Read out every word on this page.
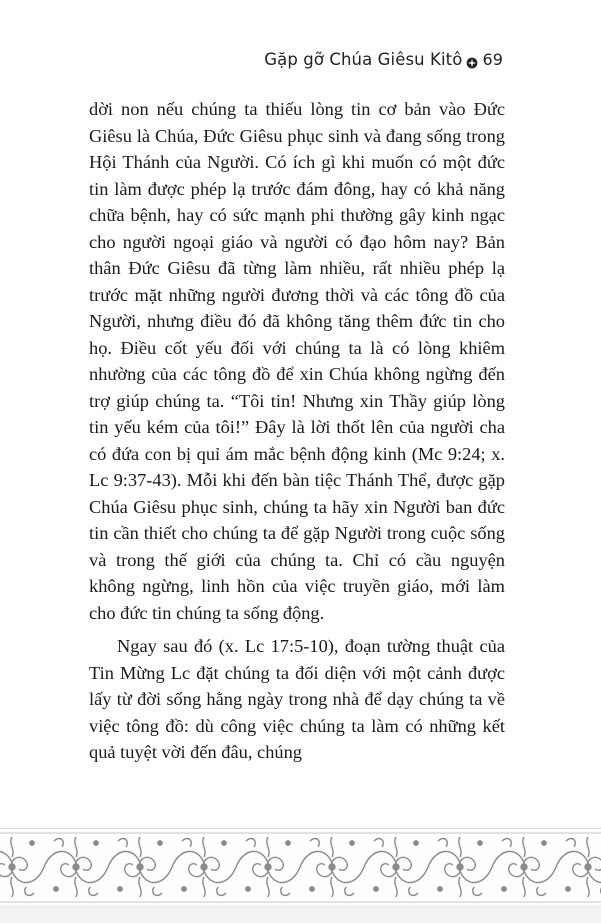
Gặp gỡ Chúa Giêsu Kitô 69

dời non nếu chúng ta thiếu lòng tin cơ bản vào Đức Giêsu là Chúa, Đức Giêsu phục sinh và đang sống trong Hội Thánh của Người. Có ích gì khi muốn có một đức tin làm được phép lạ trước đám đông, hay có khả năng chữa bệnh, hay có sức mạnh phi thường gây kinh ngạc cho người ngoại giáo và người có đạo hôm nay? Bản thân Đức Giêsu đã từng làm nhiều, rất nhiều phép lạ trước mặt những người đương thời và các tông đồ của Người, nhưng điều đó đã không tăng thêm đức tin cho họ. Điều cốt yếu đối với chúng ta là có lòng khiêm nhường của các tông đồ để xin Chúa không ngừng đến trợ giúp chúng ta. “Tôi tin! Nhưng xin Thầy giúp lòng tin yếu kém của tôi!” Đây là lời thốt lên của người cha có đứa con bị quỉ ám mắc bệnh động kinh (Mc 9:24; x. Lc 9:37-43). Mỗi khi đến bàn tiệc Thánh Thể, được gặp Chúa Giêsu phục sinh, chúng ta hãy xin Người ban đức tin cần thiết cho chúng ta để gặp Người trong cuộc sống và trong thế giới của chúng ta. Chỉ có cầu nguyện không ngừng, linh hồn của việc truyền giáo, mới làm cho đức tin chúng ta sống động.

Ngay sau đó (x. Lc 17:5-10), đoạn tường thuật của Tin Mừng Lc đặt chúng ta đối diện với một cảnh được lấy từ đời sống hằng ngày trong nhà để dạy chúng ta về việc tông đồ: dù công việc chúng ta làm có những kết quả tuyệt vời đến đâu, chúng
